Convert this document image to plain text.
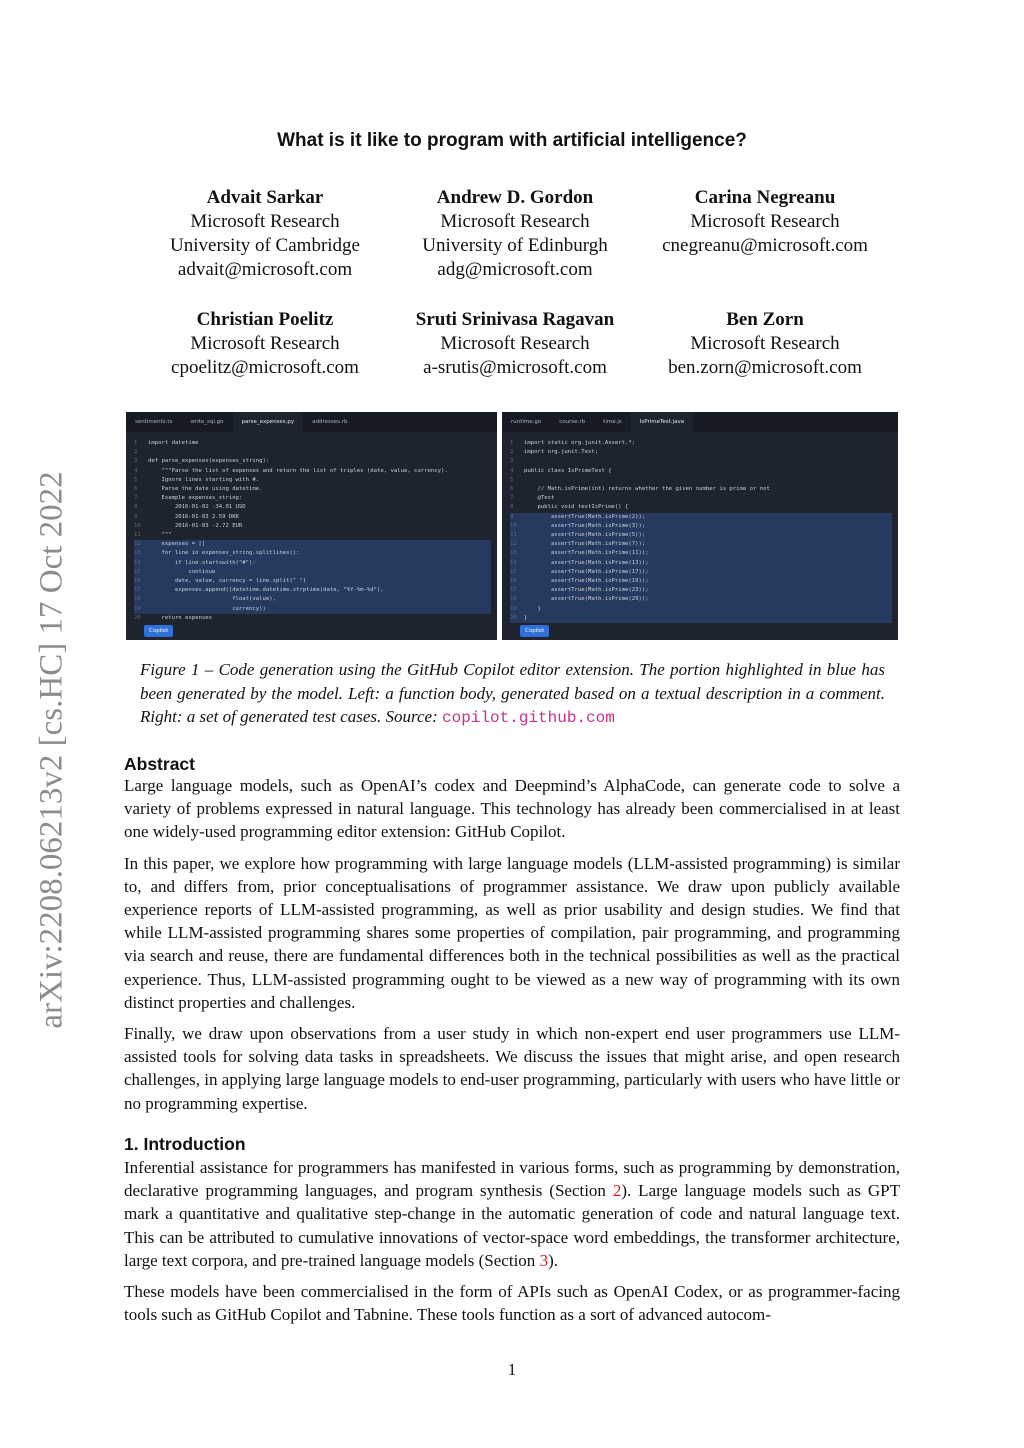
arXiv:2208.06213v2 [cs.HC] 17 Oct 2022
What is it like to program with artificial intelligence?
Advait Sarkar
Microsoft Research
University of Cambridge
advait@microsoft.com
Andrew D. Gordon
Microsoft Research
University of Edinburgh
adg@microsoft.com
Carina Negreanu
Microsoft Research
cnegreanu@microsoft.com
Christian Poelitz
Microsoft Research
cpoelitz@microsoft.com
Sruti Srinivasa Ragavan
Microsoft Research
a-srutis@microsoft.com
Ben Zorn
Microsoft Research
ben.zorn@microsoft.com
sentiments.ts	write_sql.go	parse_expenses.py	addresses.rb
1 import datetime
2
3 def parse_expenses(expenses_string):
4    """Parse the list of expenses and return the list of triples (date, value, currency).
5    Ignore lines starting with #.
6    Parse the date using datetime.
7    Example expenses_string:
8        2016-01-02 -34.01 USD
9        2016-01-03 2.59 DKK
10        2016-01-03 -2.72 EUR
11    """
12    expenses = []
13    for line in expenses_string.splitlines():
14        if line.startswith("#"):
15            continue
16        date, value, currency = line.split(" ")
17        expenses.append((datetime.datetime.strptime(date, "%Y-%m-%d"),
18                         float(value),
19                         currency))
20    return expenses
Copilot
runtime.go	course.rb	time.js	IsPrimeTest.java
1 import static org.junit.Assert.*;
2 import org.junit.Test;
3
4 public class IsPrimeTest {
5
6    // Math.isPrime(int) returns whether the given number is prime or not
7    @Test
8    public void testIsPrime() {
9        assertTrue(Math.isPrime(2));
10        assertTrue(Math.isPrime(3));
11        assertTrue(Math.isPrime(5));
12        assertTrue(Math.isPrime(7));
13        assertTrue(Math.isPrime(11));
14        assertTrue(Math.isPrime(13));
15        assertTrue(Math.isPrime(17));
16        assertTrue(Math.isPrime(19));
17        assertTrue(Math.isPrime(23));
18        assertTrue(Math.isPrime(29));
19    }
20 }
Copilot
Figure 1 – Code generation using the GitHub Copilot editor extension. The portion highlighted in blue has been generated by the model. Left: a function body, generated based on a textual description in a comment. Right: a set of generated test cases. Source: copilot.github.com
Abstract

Large language models, such as OpenAI’s codex and Deepmind’s AlphaCode, can generate code to solve a variety of problems expressed in natural language. This technology has already been commercialised in at least one widely-used programming editor extension: GitHub Copilot.

In this paper, we explore how programming with large language models (LLM-assisted programming) is similar to, and differs from, prior conceptualisations of programmer assistance. We draw upon publicly available experience reports of LLM-assisted programming, as well as prior usability and design studies. We find that while LLM-assisted programming shares some properties of compilation, pair programming, and programming via search and reuse, there are fundamental differences both in the technical possibilities as well as the practical experience. Thus, LLM-assisted programming ought to be viewed as a new way of programming with its own distinct properties and challenges.

Finally, we draw upon observations from a user study in which non-expert end user programmers use LLM-assisted tools for solving data tasks in spreadsheets. We discuss the issues that might arise, and open research challenges, in applying large language models to end-user programming, particularly with users who have little or no programming expertise.

1. Introduction

Inferential assistance for programmers has manifested in various forms, such as programming by demonstration, declarative programming languages, and program synthesis (Section 2). Large language models such as GPT mark a quantitative and qualitative step-change in the automatic generation of code and natural language text. This can be attributed to cumulative innovations of vector-space word embeddings, the transformer architecture, large text corpora, and pre-trained language models (Section 3).

These models have been commercialised in the form of APIs such as OpenAI Codex, or as programmer-facing tools such as GitHub Copilot and Tabnine. These tools function as a sort of advanced autocom-

1
